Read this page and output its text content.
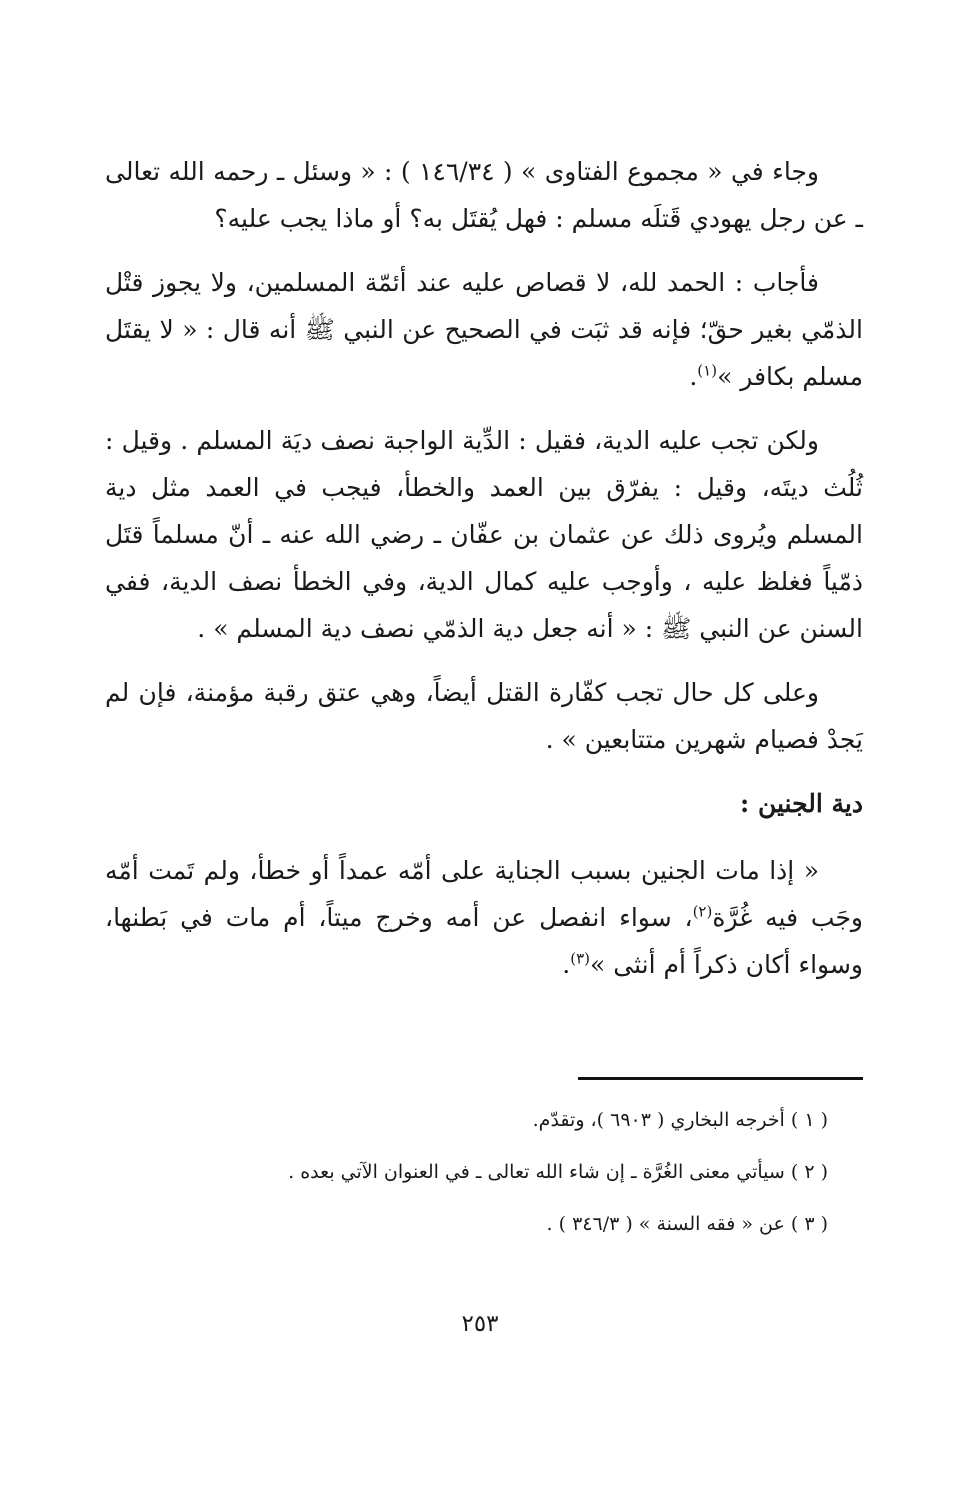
وجاء في « مجموع الفتاوى » ( ١٤٦/٣٤ ) : « وسئل ـ رحمه الله تعالى ـ عن رجل يهودي قَتلَه مسلم : فهل يُقتَل به؟ أو ماذا يجب عليه؟

فأجاب : الحمد لله، لا قصاص عليه عند أئمّة المسلمين، ولا يجوز قتْل الذمّي بغير حقّ؛ فإنه قد ثبَت في الصحيح عن النبي ﷺ أنه قال : « لا يقتَل مسلم بكافر »$^{(١)}$.

ولكن تجب عليه الدية، فقيل : الدِّية الواجبة نصف ديَة المسلم . وقيل : ثُلُث ديتَه، وقيل : يفرّق بين العمد والخطأ، فيجب في العمد مثل دية المسلم ويُروى ذلك عن عثمان بن عفّان ـ رضي الله عنه ـ أنّ مسلماً قتَل ذمّياً فغلظ عليه ، وأوجب عليه كمال الدية، وفي الخطأ نصف الدية، ففي السنن عن النبي ﷺ : « أنه جعل دية الذمّي نصف دية المسلم » .

وعلى كل حال تجب كفّارة القتل أيضاً، وهي عتق رقبة مؤمنة، فإن لم يَجدْ فصيام شهرين متتابعين » .

دية الجنين :

« إذا مات الجنين بسبب الجناية على أمّه عمداً أو خطأ، ولم تَمت أمّه وجَب فيه غُرَّة$^{(٢)}$، سواء انفصل عن أمه وخرج ميتاً، أم مات في بَطنها، وسواء أكان ذكراً أم أنثى »$^{(٣)}$.

( ١ ) أخرجه البخاري ( ٦٩٠٣ )، وتقدّم.
( ٢ ) سيأتي معنى الغُرَّة ـ إن شاء الله تعالى ـ في العنوان الآتي بعده .
( ٣ ) عن « فقه السنة » ( ٣٤٦/٣ ) .
٢٥٣
